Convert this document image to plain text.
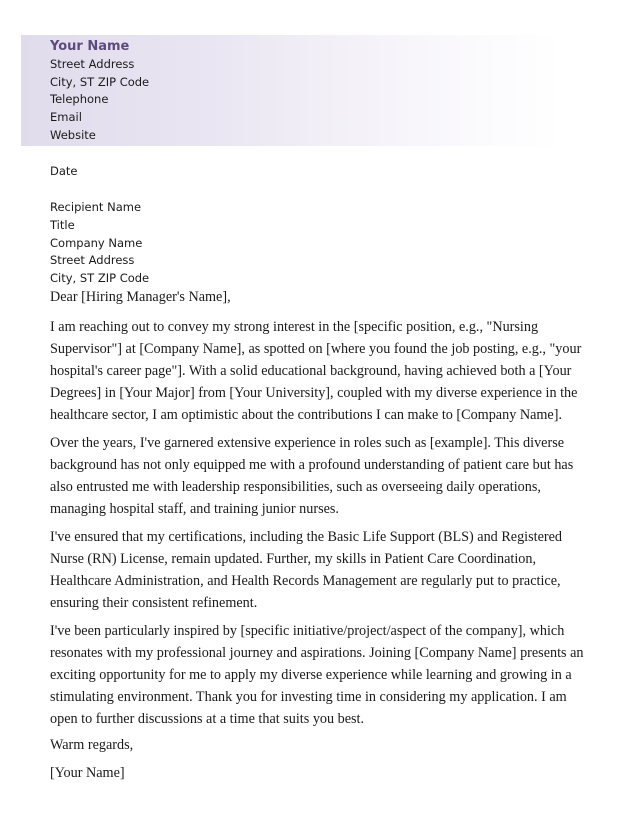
Your Name
Street Address
City, ST ZIP Code
Telephone
Email
Website
Date
Recipient Name
Title
Company Name
Street Address
City, ST ZIP Code
Dear [Hiring Manager's Name],

I am reaching out to convey my strong interest in the [specific position, e.g., "Nursing Supervisor"] at [Company Name], as spotted on [where you found the job posting, e.g., "your hospital's career page"]. With a solid educational background, having achieved both a [Your Degrees] in [Your Major] from [Your University], coupled with my diverse experience in the healthcare sector, I am optimistic about the contributions I can make to [Company Name].

Over the years, I've garnered extensive experience in roles such as [example]. This diverse background has not only equipped me with a profound understanding of patient care but has also entrusted me with leadership responsibilities, such as overseeing daily operations, managing hospital staff, and training junior nurses.

I've ensured that my certifications, including the Basic Life Support (BLS) and Registered Nurse (RN) License, remain updated. Further, my skills in Patient Care Coordination, Healthcare Administration, and Health Records Management are regularly put to practice, ensuring their consistent refinement.

I've been particularly inspired by [specific initiative/project/aspect of the company], which resonates with my professional journey and aspirations. Joining [Company Name] presents an exciting opportunity for me to apply my diverse experience while learning and growing in a stimulating environment. Thank you for investing time in considering my application. I am open to further discussions at a time that suits you best.

Warm regards,
[Your Name]
